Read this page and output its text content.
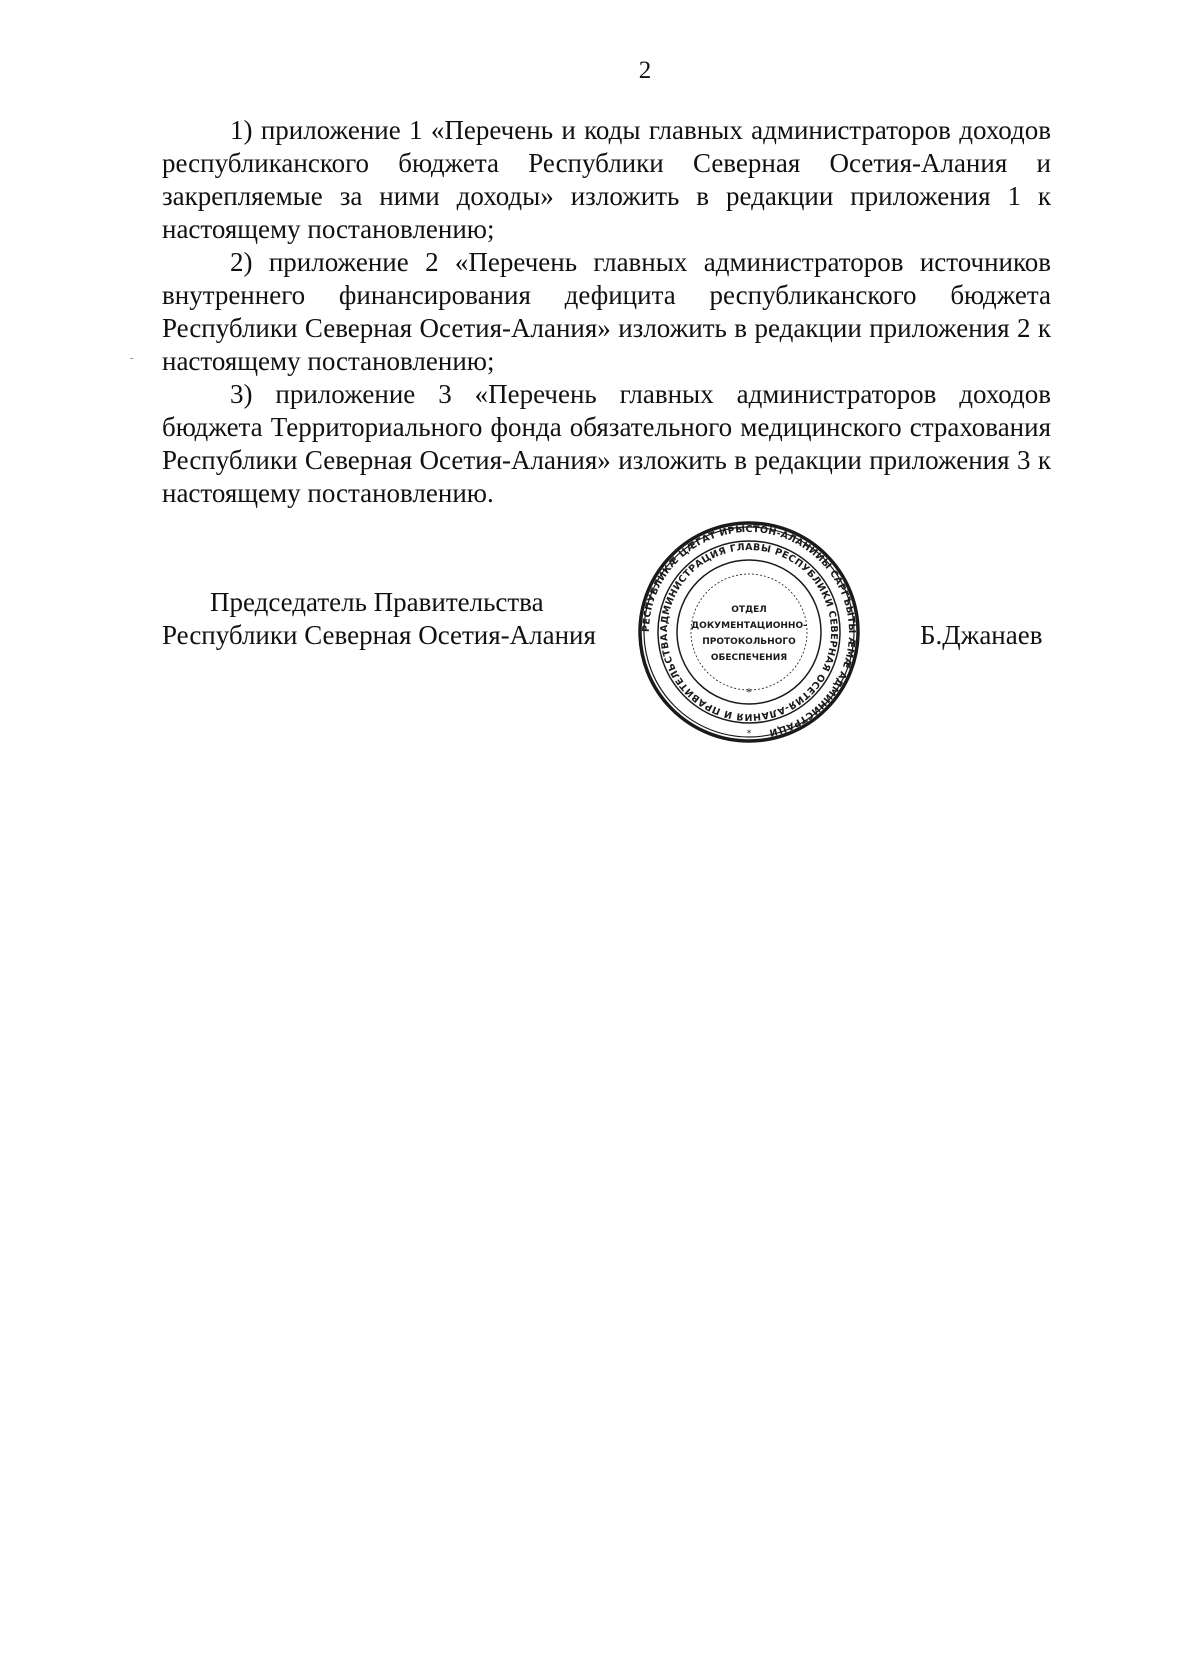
2

1) приложение 1 «Перечень и коды главных администраторов доходов республиканского бюджета Республики Северная Осетия-Алания и закрепляемые за ними доходы» изложить в редакции приложения 1 к настоящему постановлению;

2) приложение 2 «Перечень главных администраторов источников внутреннего финансирования дефицита республиканского бюджета Республики Северная Осетия-Алания» изложить в редакции приложения 2 к настоящему постановлению;

3) приложение 3 «Перечень главных администраторов доходов бюджета Территориального фонда обязательного медицинского страхования Республики Северная Осетия-Алания» изложить в редакции приложения 3 к настоящему постановлению.

Председатель Правительства
Республики Северная Осетия-Алания	РЕСПУБЛИКӔ ЦӔГАТ ИРЫСТОН-АЛАНИЙЫ САРГЪЫТЫ ӔМӔ АДМИНИСТРАЦИ
АДМИНИСТРАЦИЯ ГЛАВЫ РЕСПУБЛИКИ СЕВЕРНАЯ ОСЕТИЯ-АЛАНИЯ И ПРАВИТЕЛЬСТВА
ОТДЕЛ
ДОКУМЕНТАЦИОННО-
ПРОТОКОЛЬНОГО
ОБЕСПЕЧЕНИЯ
*
*
Б.Джанаев
